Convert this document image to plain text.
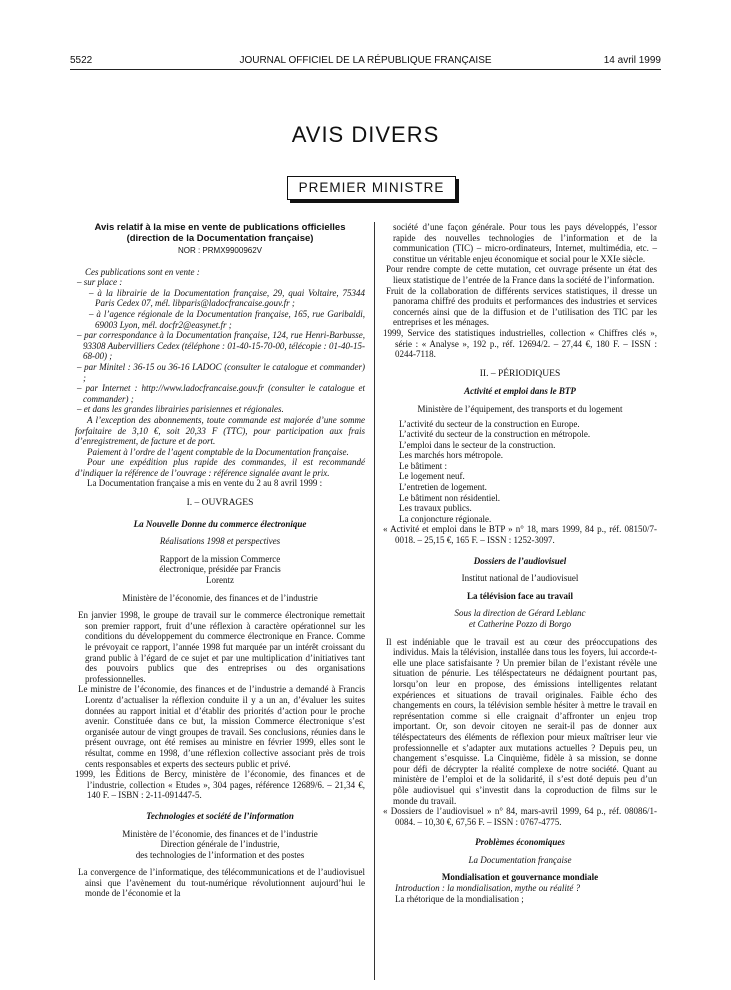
5522	JOURNAL OFFICIEL DE LA RÉPUBLIQUE FRANÇAISE	14 avril 1999
AVIS DIVERS
PREMIER MINISTRE

Avis relatif à la mise en vente de publications officielles (direction de la Documentation française)

NOR : PRMX9900962V

Ces publications sont en vente :

– sur place :

– à la librairie de la Documentation française, 29, quai Voltaire, 75344 Paris Cedex 07, mél. libparis@ladocfrancaise.gouv.fr ;

– à l’agence régionale de la Documentation française, 165, rue Garibaldi, 69003 Lyon, mél. docfr2@easynet.fr ;

– par correspondance à la Documentation française, 124, rue Henri-Barbusse, 93308 Aubervilliers Cedex (téléphone : 01-40-15-70-00, télécopie : 01-40-15-68-00) ;

– par Minitel : 36-15 ou 36-16 LADOC (consulter le catalogue et commander) ;

– par Internet : http://www.ladocfrancaise.gouv.fr (consulter le catalogue et commander) ;

– et dans les grandes librairies parisiennes et régionales.

A l’exception des abonnements, toute commande est majorée d’une somme forfaitaire de 3,10 €, soit 20,33 F (TTC), pour participation aux frais d’enregistrement, de facture et de port.

Paiement à l’ordre de l’agent comptable de la Documentation française.

Pour une expédition plus rapide des commandes, il est recommandé d’indiquer la référence de l’ouvrage : référence signalée avant le prix.

La Documentation française a mis en vente du 2 au 8 avril 1999 :

I. – OUVRAGES

La Nouvelle Donne du commerce électronique

Réalisations 1998 et perspectives

Rapport de la mission Commerce électronique, présidée par Francis Lorentz

Ministère de l’économie, des finances et de l’industrie

En janvier 1998, le groupe de travail sur le commerce électronique remettait son premier rapport, fruit d’une réflexion à caractère opérationnel sur les conditions du développement du commerce électronique en France. Comme le prévoyait ce rapport, l’année 1998 fut marquée par un intérêt croissant du grand public à l’égard de ce sujet et par une multiplication d’initiatives tant des pouvoirs publics que des entreprises ou des organisations professionnelles.

Le ministre de l’économie, des finances et de l’industrie a demandé à Francis Lorentz d’actualiser la réflexion conduite il y a un an, d’évaluer les suites données au rapport initial et d’établir des priorités d’action pour le proche avenir. Constituée dans ce but, la mission Commerce électronique s’est organisée autour de vingt groupes de travail. Ses conclusions, réunies dans le présent ouvrage, ont été remises au ministre en février 1999, elles sont le résultat, comme en 1998, d’une réflexion collective associant près de trois cents responsables et experts des secteurs public et privé.

1999, les Éditions de Bercy, ministère de l’économie, des finances et de l’industrie, collection « Etudes », 304 pages, référence 12689/6. – 21,34 €, 140 F. – ISBN : 2-11-091447-5.

Technologies et société de l’information

Ministère de l’économie, des finances et de l’industrie

Direction générale de l’industrie,

des technologies de l’information et des postes

La convergence de l’informatique, des télécommunications et de l’audiovisuel ainsi que l’avènement du tout-numérique révolutionnent aujourd’hui le monde de l’économie et la

société d’une façon générale. Pour tous les pays développés, l’essor rapide des nouvelles technologies de l’information et de la communication (TIC) – micro-ordinateurs, Internet, multimédia, etc. – constitue un véritable enjeu économique et social pour le XXIe siècle.

Pour rendre compte de cette mutation, cet ouvrage présente un état des lieux statistique de l’entrée de la France dans la société de l’information.

Fruit de la collaboration de différents services statistiques, il dresse un panorama chiffré des produits et performances des industries et services concernés ainsi que de la diffusion et de l’utilisation des TIC par les entreprises et les ménages.

1999, Service des statistiques industrielles, collection « Chiffres clés », série : « Analyse », 192 p., réf. 12694/2. – 27,44 €, 180 F. – ISSN : 0244-7118.

II. – PÉRIODIQUES

Activité et emploi dans le BTP

Ministère de l’équipement, des transports et du logement

L’activité du secteur de la construction en Europe.

L’activité du secteur de la construction en métropole.

L’emploi dans le secteur de la construction.

Les marchés hors métropole.

Le bâtiment :

Le logement neuf.

L’entretien de logement.

Le bâtiment non résidentiel.

Les travaux publics.

La conjoncture régionale.

« Activité et emploi dans le BTP » n° 18, mars 1999, 84 p., réf. 08150/7-0018. – 25,15 €, 165 F. – ISSN : 1252-3097.

Dossiers de l’audiovisuel

Institut national de l’audiovisuel

La télévision face au travail

Sous la direction de Gérard Leblanc

et Catherine Pozzo di Borgo

Il est indéniable que le travail est au cœur des préoccupations des individus. Mais la télévision, installée dans tous les foyers, lui accorde-t-elle une place satisfaisante ? Un premier bilan de l’existant révèle une situation de pénurie. Les téléspectateurs ne dédaignent pourtant pas, lorsqu’on leur en propose, des émissions intelligentes relatant expériences et situations de travail originales. Faible écho des changements en cours, la télévision semble hésiter à mettre le travail en représentation comme si elle craignait d’affronter un enjeu trop important. Or, son devoir citoyen ne serait-il pas de donner aux téléspectateurs des éléments de réflexion pour mieux maîtriser leur vie professionnelle et s’adapter aux mutations actuelles ? Depuis peu, un changement s’esquisse. La Cinquième, fidèle à sa mission, se donne pour défi de décrypter la réalité complexe de notre société. Quant au ministère de l’emploi et de la solidarité, il s’est doté depuis peu d’un pôle audiovisuel qui s’investit dans la coproduction de films sur le monde du travail.

« Dossiers de l’audiovisuel » n° 84, mars-avril 1999, 64 p., réf. 08086/1-0084. – 10,30 €, 67,56 F. – ISSN : 0767-4775.

Problèmes économiques

La Documentation française

Mondialisation et gouvernance mondiale

Introduction : la mondialisation, mythe ou réalité ?

La rhétorique de la mondialisation ;
